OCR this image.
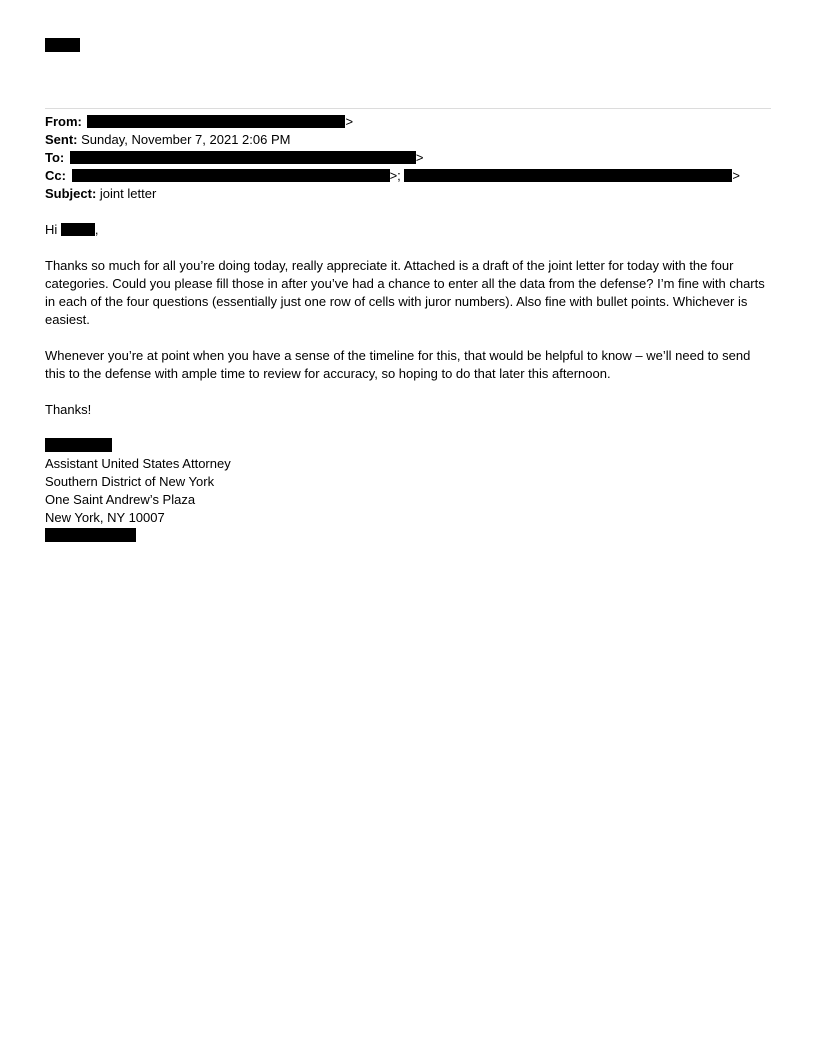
From:	>
Sent: Sunday, November 7, 2021 2:06 PM
To:	>
Cc:	>;	>
Subject: joint letter
Hi	,
Thanks so much for all you’re doing today, really appreciate it. Attached is a draft of the joint letter for today with the four categories. Could you please fill those in after you’ve had a chance to enter all the data from the defense? I’m fine with charts in each of the four questions (essentially just one row of cells with juror numbers). Also fine with bullet points. Whichever is easiest.
Whenever you’re at point when you have a sense of the timeline for this, that would be helpful to know – we’ll need to send this to the defense with ample time to review for accuracy, so hoping to do that later this afternoon.
Thanks!
Assistant United States Attorney
Southern District of New York
One Saint Andrew’s Plaza
New York, NY 10007
